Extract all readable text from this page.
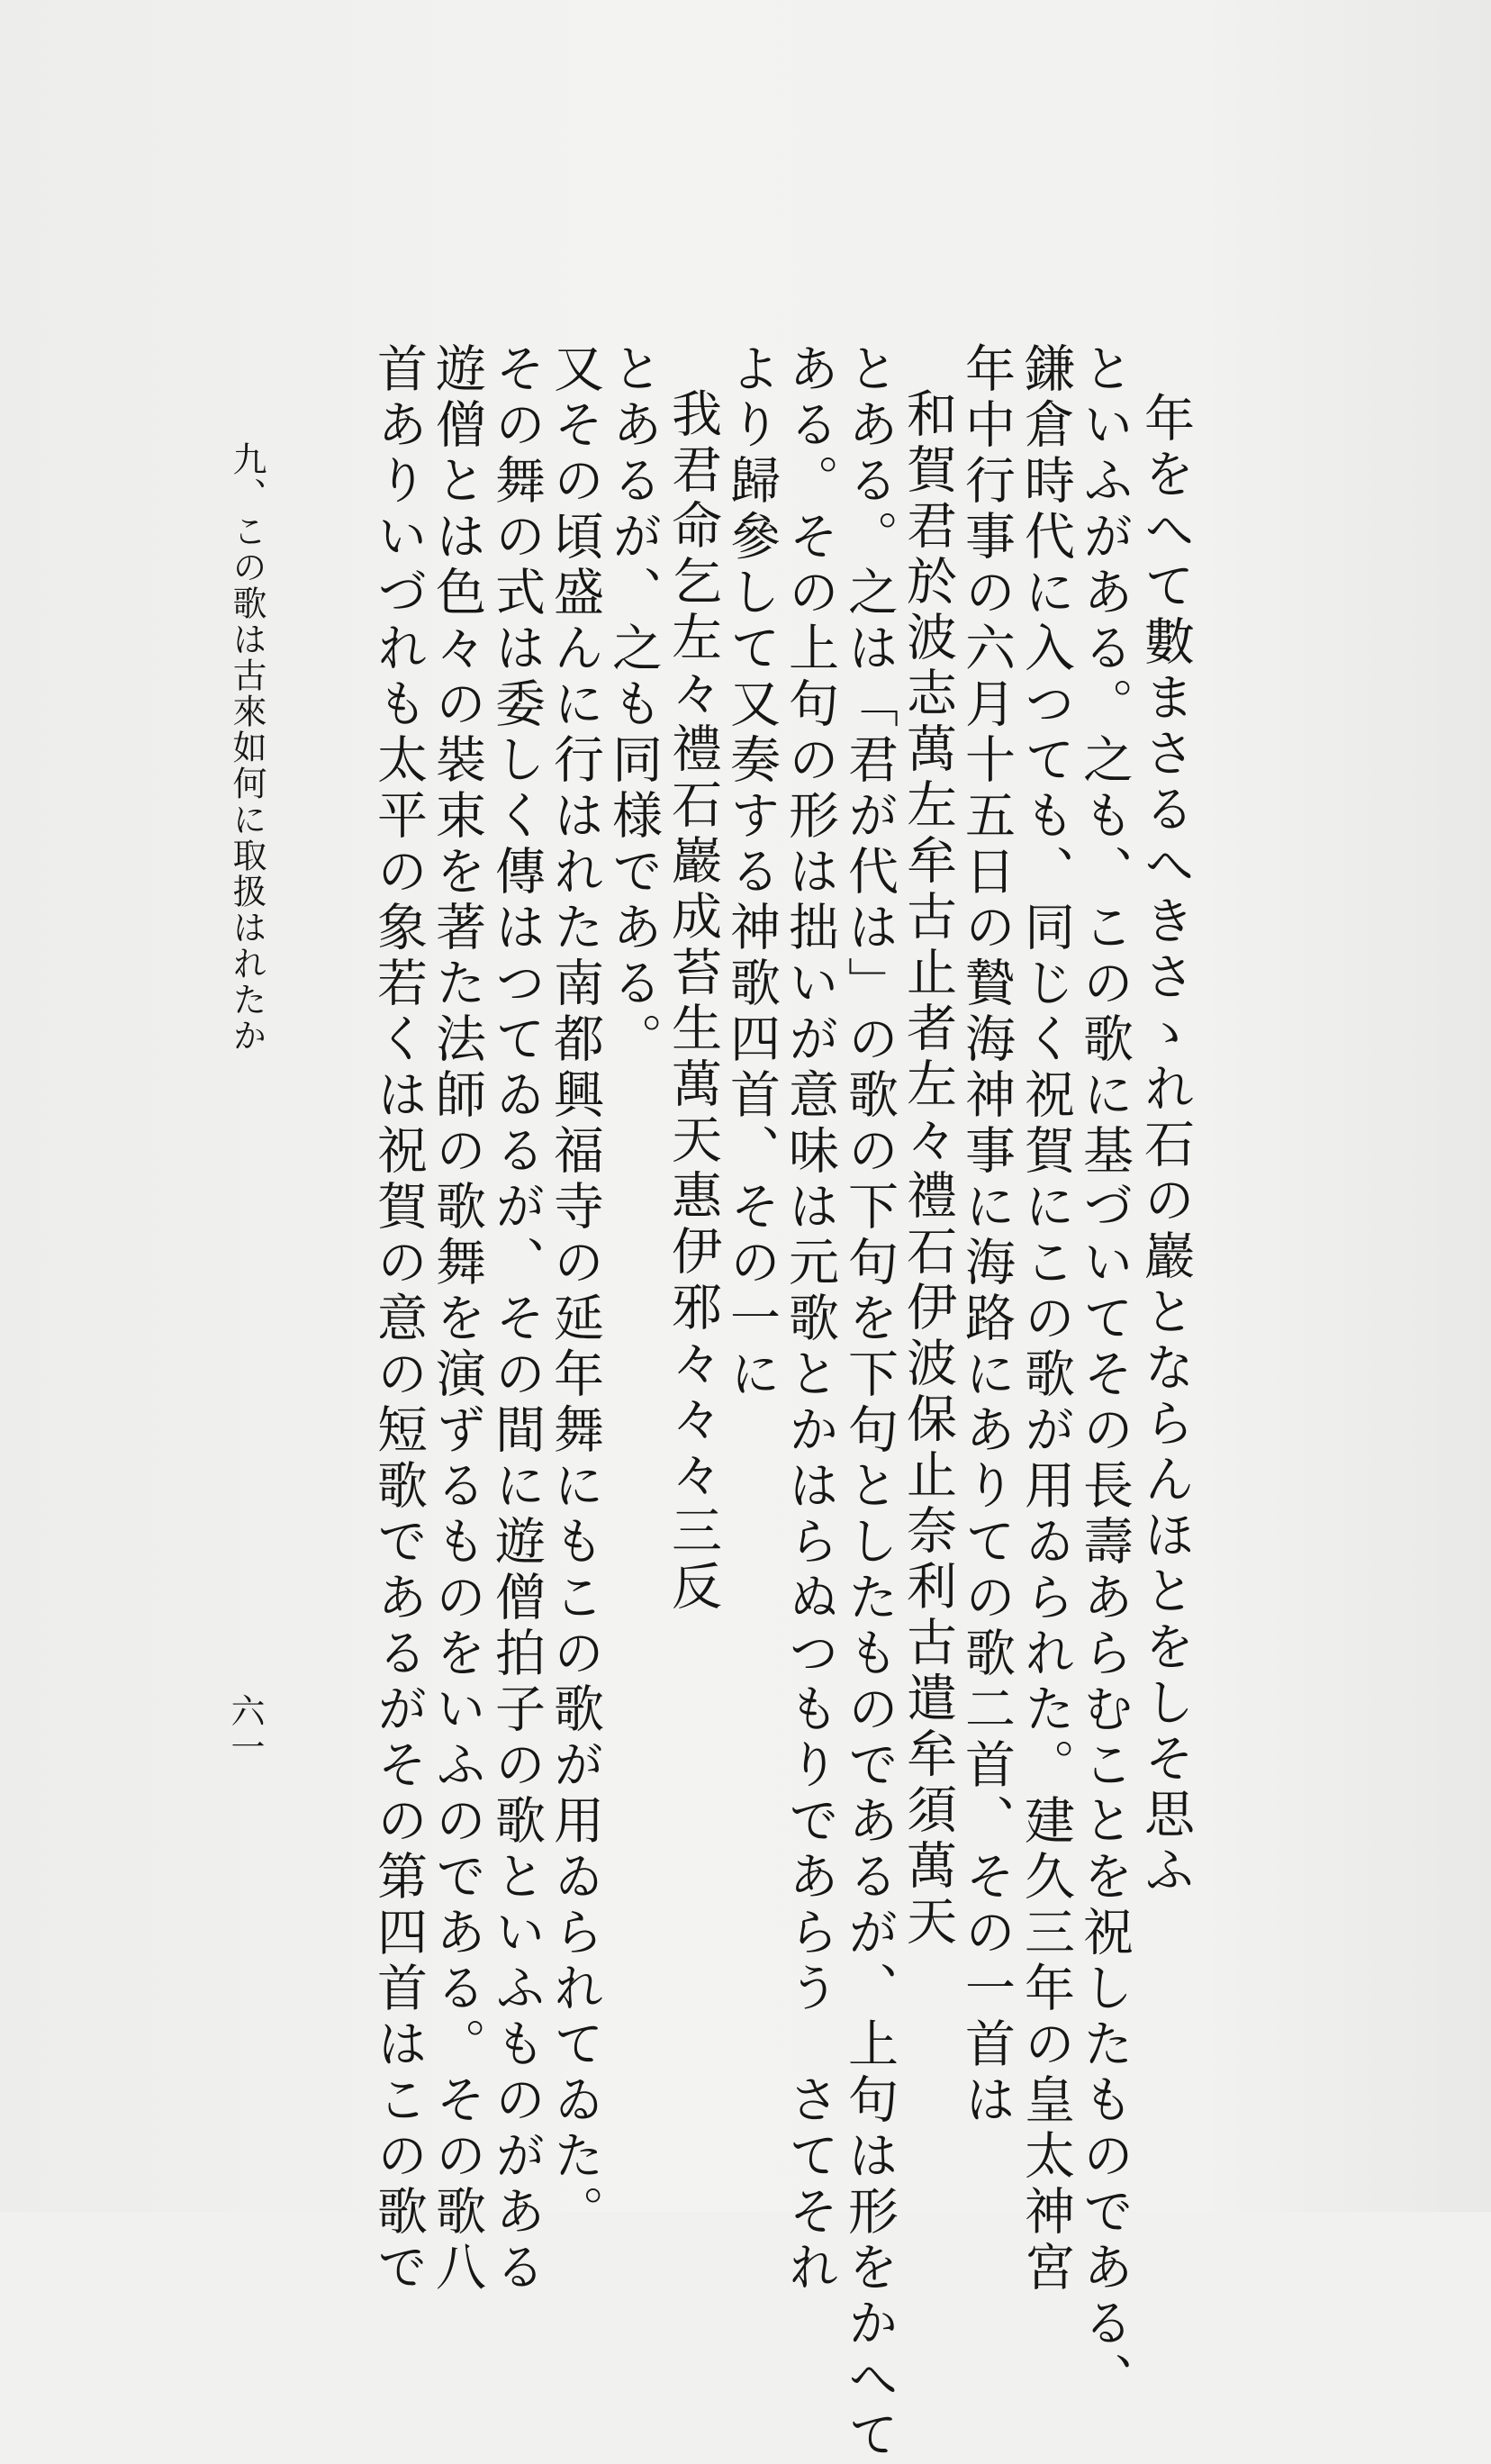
年をへて數まさるへきさゝれ石の巖とならんほとをしそ思ふ
といふがある。之も、この歌に基づいてその長壽あらむことを祝したものである、
鎌倉時代に入つても、同じく祝賀にこの歌が用ゐられた。建久三年の皇太神宮
年中行事の六月十五日の贄海神事に海路にありての歌二首、その一首は
和賀君於波志萬左牟古止者左々禮石伊波保止奈利古遣牟須萬天
とある。之は「君が代は」の歌の下句を下句としたものであるが、上句は形をかへて
ある。その上句の形は拙いが意味は元歌とかはらぬつもりであらう　さてそれ
より歸參して又奏する神歌四首、その一に
我君命乞左々禮石巖成苔生萬天惠伊邪々々々三反
とあるが、之も同様である。
又その頃盛んに行はれた南都興福寺の延年舞にもこの歌が用ゐられてゐた。
その舞の式は委しく傳はつてゐるが、その間に遊僧拍子の歌といふものがある
遊僧とは色々の裝束を著た法師の歌舞を演ずるものをいふのである。その歌八
首ありいづれも太平の象若くは祝賀の意の短歌であるがその第四首はこの歌で
九、この歌は古來如何に取扱はれたか
六一
